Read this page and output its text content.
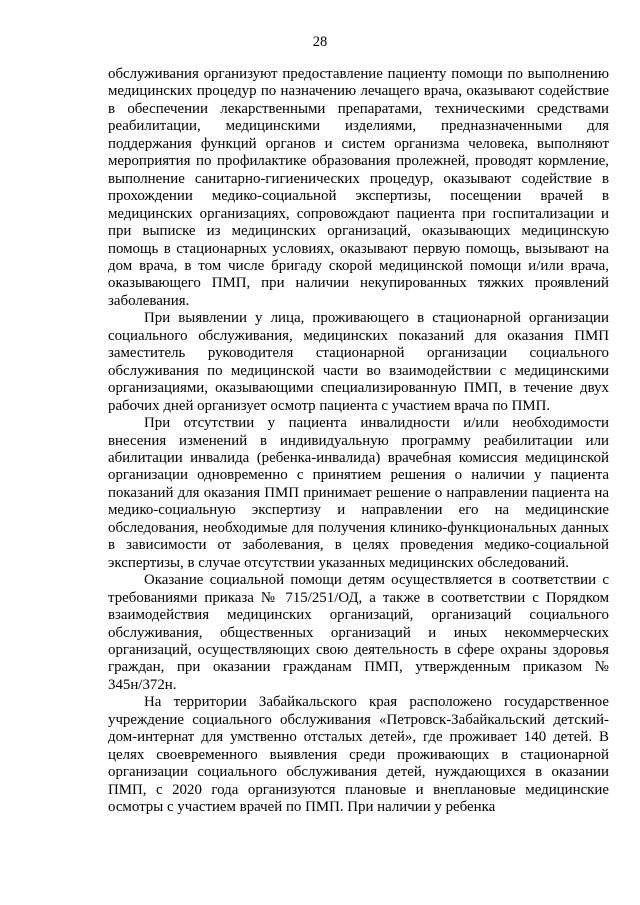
28

обслуживания организуют предоставление пациенту помощи по выполнению медицинских процедур по назначению лечащего врача, оказывают содействие в обеспечении лекарственными препаратами, техническими средствами реабилитации, медицинскими изделиями, предназначенными для поддержания функций органов и систем организма человека, выполняют мероприятия по профилактике образования пролежней, проводят кормление, выполнение санитарно-гигиенических процедур, оказывают содействие в прохождении медико-социальной экспертизы, посещении врачей в медицинских организациях, сопровождают пациента при госпитализации и при выписке из медицинских организаций, оказывающих медицинскую помощь в стационарных условиях, оказывают первую помощь, вызывают на дом врача, в том числе бригаду скорой медицинской помощи и/или врача, оказывающего ПМП, при наличии некупированных тяжких проявлений заболевания.

При выявлении у лица, проживающего в стационарной организации социального обслуживания, медицинских показаний для оказания ПМП заместитель руководителя стационарной организации социального обслуживания по медицинской части во взаимодействии с медицинскими организациями, оказывающими специализированную ПМП, в течение двух рабочих дней организует осмотр пациента с участием врача по ПМП.

При отсутствии у пациента инвалидности и/или необходимости внесения изменений в индивидуальную программу реабилитации или абилитации инвалида (ребенка-инвалида) врачебная комиссия медицинской организации одновременно с принятием решения о наличии у пациента показаний для оказания ПМП принимает решение о направлении пациента на медико-социальную экспертизу и направлении его на медицинские обследования, необходимые для получения клинико-функциональных данных в зависимости от заболевания, в целях проведения медико-социальной экспертизы, в случае отсутствии указанных медицинских обследований.

Оказание социальной помощи детям осуществляется в соответствии с требованиями приказа № 715/251/ОД, а также в соответствии с Порядком взаимодействия медицинских организаций, организаций социального обслуживания, общественных организаций и иных некоммерческих организаций, осуществляющих свою деятельность в сфере охраны здоровья граждан, при оказании гражданам ПМП, утвержденным приказом № 345н/372н.

На территории Забайкальского края расположено государственное учреждение социального обслуживания «Петровск-Забайкальский детский-дом-интернат для умственно отсталых детей», где проживает 140 детей. В целях своевременного выявления среди проживающих в стационарной организации социального обслуживания детей, нуждающихся в оказании ПМП, с 2020 года организуются плановые и внеплановые медицинские осмотры с участием врачей по ПМП. При наличии у ребенка
